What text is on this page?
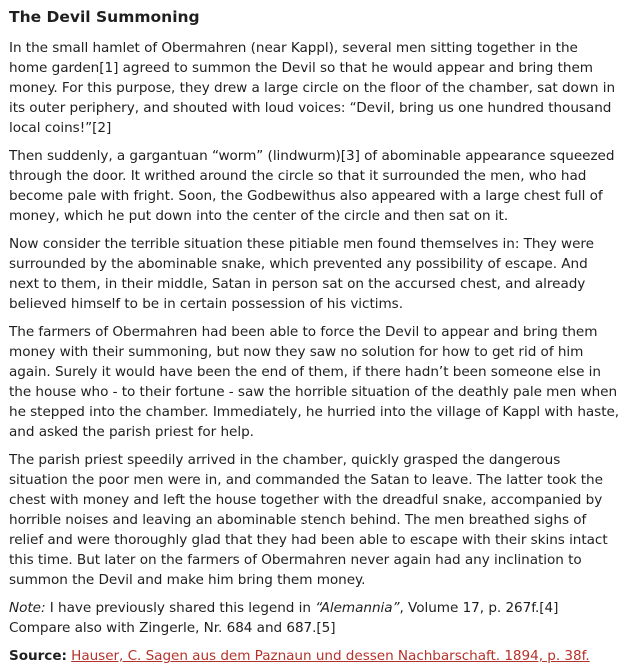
The Devil Summoning

In the small hamlet of Obermahren (near Kappl), several men sitting together in the home garden[1] agreed to summon the Devil so that he would appear and bring them money. For this purpose, they drew a large circle on the floor of the chamber, sat down in its outer periphery, and shouted with loud voices: “Devil, bring us one hundred thousand local coins!”[2]

Then suddenly, a gargantuan “worm” (lindwurm)[3] of abominable appearance squeezed through the door. It writhed around the circle so that it surrounded the men, who had become pale with fright. Soon, the Godbewithus also appeared with a large chest full of money, which he put down into the center of the circle and then sat on it.

Now consider the terrible situation these pitiable men found themselves in: They were surrounded by the abominable snake, which prevented any possibility of escape. And next to them, in their middle, Satan in person sat on the accursed chest, and already believed himself to be in certain possession of his victims.

The farmers of Obermahren had been able to force the Devil to appear and bring them money with their summoning, but now they saw no solution for how to get rid of him again. Surely it would have been the end of them, if there hadn’t been someone else in the house who - to their fortune - saw the horrible situation of the deathly pale men when he stepped into the chamber. Immediately, he hurried into the village of Kappl with haste, and asked the parish priest for help.

The parish priest speedily arrived in the chamber, quickly grasped the dangerous situation the poor men were in, and commanded the Satan to leave. The latter took the chest with money and left the house together with the dreadful snake, accompanied by horrible noises and leaving an abominable stench behind. The men breathed sighs of relief and were thoroughly glad that they had been able to escape with their skins intact this time. But later on the farmers of Obermahren never again had any inclination to summon the Devil and make him bring them money.

Note: I have previously shared this legend in “Alemannia”, Volume 17, p. 267f.[4] Compare also with Zingerle, Nr. 684 and 687.[5]

Source: Hauser, C. Sagen aus dem Paznaun und dessen Nachbarschaft. 1894, p. 38f.
